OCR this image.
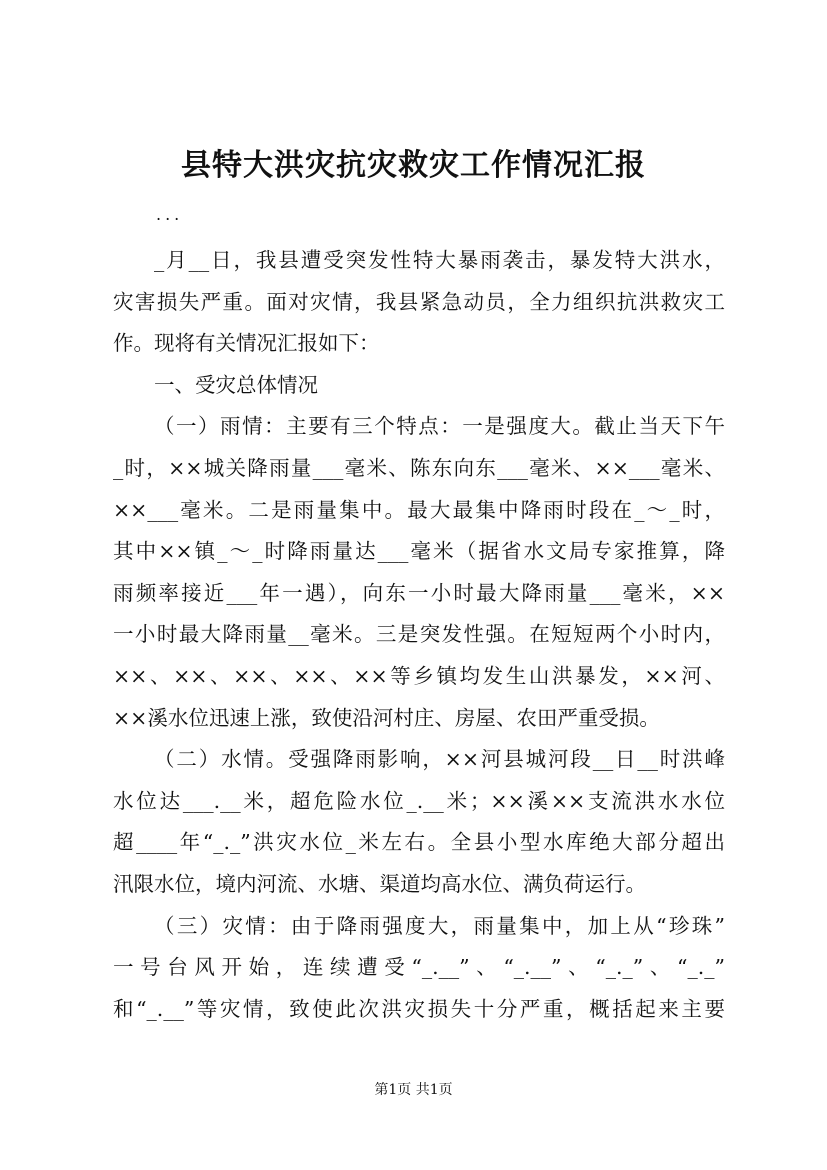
县特大洪灾抗灾救灾工作情况汇报
...
_月__日，我县遭受突发性特大暴雨袭击，暴发特大洪水，
灾害损失严重。面对灾情，我县紧急动员，全力组织抗洪救灾工
作。现将有关情况汇报如下：
一、受灾总体情况
（一）雨情：主要有三个特点：一是强度大。截止当天下午
_时，××城关降雨量___毫米、陈东向东___毫米、××___毫米、
××___毫米。二是雨量集中。最大最集中降雨时段在_～_时，
其中××镇_～_时降雨量达___毫米（据省水文局专家推算，降
雨频率接近___年一遇），向东一小时最大降雨量___毫米，××
一小时最大降雨量__毫米。三是突发性强。在短短两个小时内，
××、××、××、××、××等乡镇均发生山洪暴发，××河、
××溪水位迅速上涨，致使沿河村庄、房屋、农田严重受损。
（二）水情。受强降雨影响，××河县城河段__日__时洪峰
水位达___.__米，超危险水位_.__米；××溪××支流洪水水位
超____年“_._”洪灾水位_米左右。全县小型水库绝大部分超出
汛限水位，境内河流、水塘、渠道均高水位、满负荷运行。
（三）灾情：由于降雨强度大，雨量集中，加上从“珍珠”
一号台风开始，连续遭受“_.__”、“_.__”、“_._”、“_._”
和“_.__”等灾情，致使此次洪灾损失十分严重，概括起来主要
第1页 共1页
